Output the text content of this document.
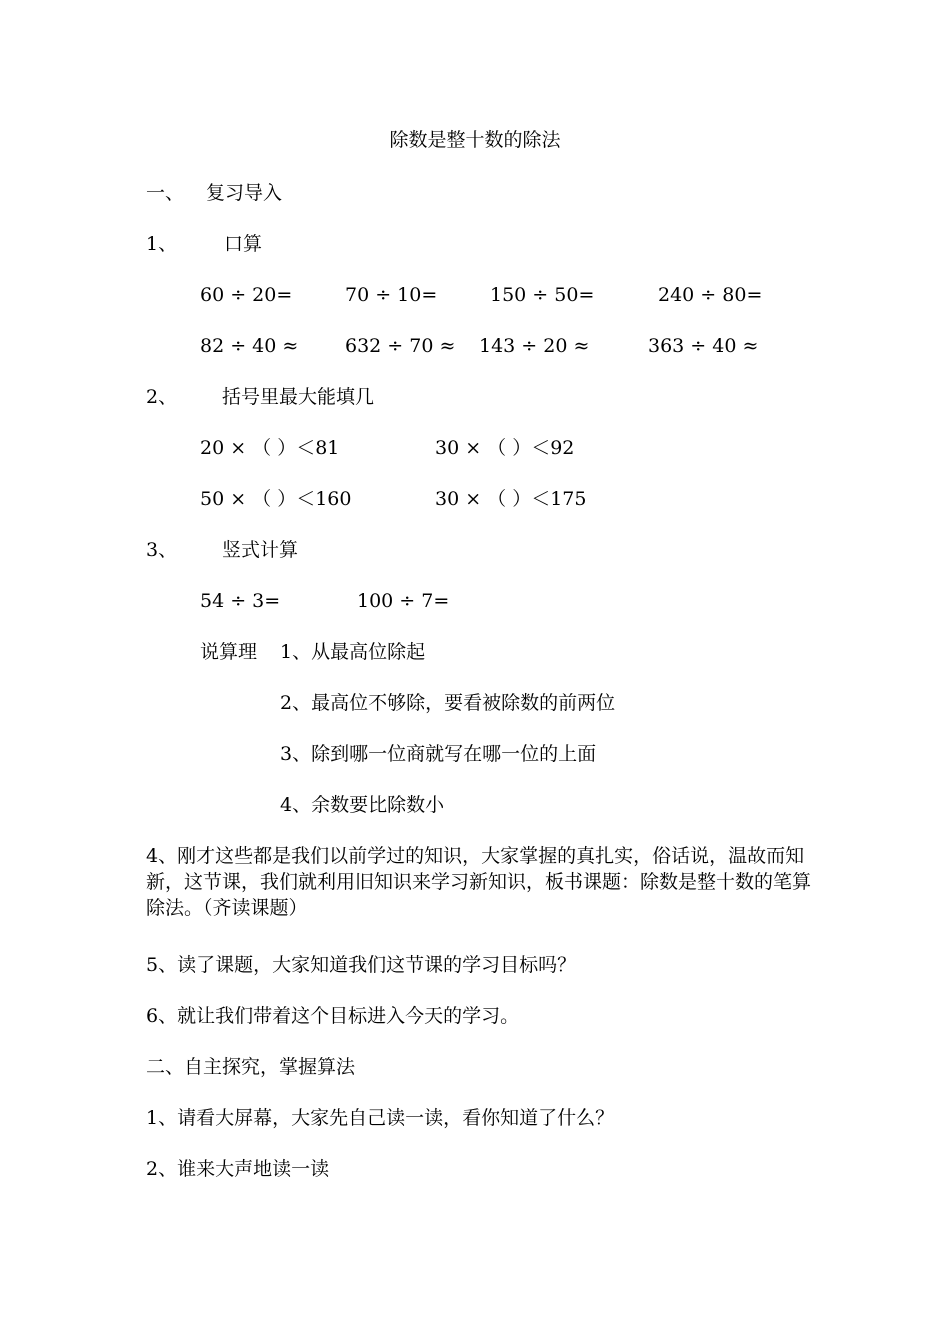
除数是整十数的除法
一、 复习导入
1、 口算
60 ÷ 20=	70 ÷ 10=	150 ÷ 50=	240 ÷ 80=
82 ÷ 40 ≈ 632 ÷ 70 ≈ 143 ÷ 20 ≈	363 ÷ 40 ≈
2、 括号里最大能填几
20 × （ ）＜81	30 × （ ）＜92
50 × （ ）＜160	30 × （ ）＜175
3、 竖式计算
54 ÷ 3=	100 ÷ 7=
说算理 1、从最高位除起
2、最高位不够除，要看被除数的前两位
3、除到哪一位商就写在哪一位的上面
4、余数要比除数小
4、刚才这些都是我们以前学过的知识，大家掌握的真扎实，俗话说，温故而知新，这节课，我们就利用旧知识来学习新知识，板书课题：除数是整十数的笔算除法。（齐读课题）
5、读了课题，大家知道我们这节课的学习目标吗？
6、就让我们带着这个目标进入今天的学习。
二、自主探究，掌握算法
1、请看大屏幕，大家先自己读一读，看你知道了什么？
2、谁来大声地读一读
